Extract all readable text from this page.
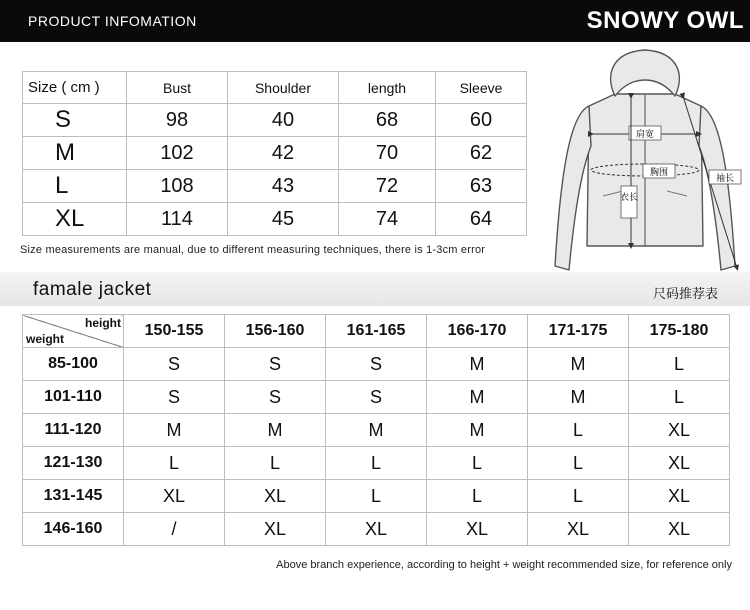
PRODUCT INFOMATION	SNOWY OWL
Size ( cm )	Bust	Shoulder	length	Sleeve
S	98	40	68	60
M	102	42	70	62
L	108	43	72	63
XL	114	45	74	64
Size measurements are manual, due to different measuring techniques, there is 1-3cm error
肩宽
胸围
衣长
袖长
famale jacket	尺码推荐表
height
weight	150-155	156-160	161-165	166-170	171-175	175-180
85-100	S	S	S	M	M	L
101-110	S	S	S	M	M	L
111-120	M	M	M	M	L	XL
121-130	L	L	L	L	L	XL
131-145	XL	XL	L	L	L	XL
146-160	/	XL	XL	XL	XL	XL
Above branch experience, according to height + weight recommended size, for reference only
